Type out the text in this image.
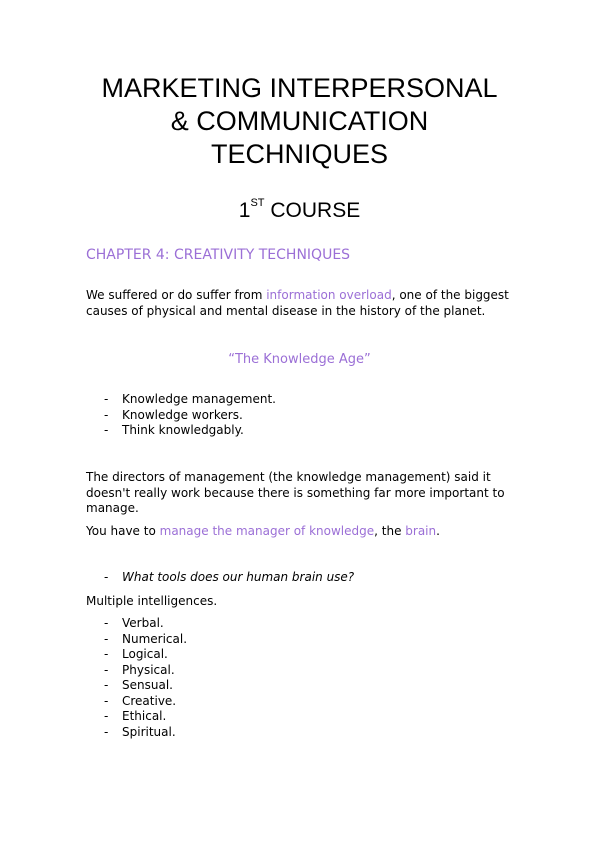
MARKETING INTERPERSONAL
& COMMUNICATION
TECHNIQUES
1ST COURSE
CHAPTER 4: CREATIVITY TECHNIQUES

We suffered or do suffer from information overload, one of the biggest causes of physical and mental disease in the history of the planet.

“The Knowledge Age”
-	Knowledge management.
-	Knowledge workers.
-	Think knowledgably.

The directors of management (the knowledge management) said it doesn't really work because there is something far more important to manage.

You have to manage the manager of knowledge, the brain.

-	What tools does our human brain use?

Multiple intelligences.

-	Verbal.
-	Numerical.
-	Logical.
-	Physical.
-	Sensual.
-	Creative.
-	Ethical.
-	Spiritual.
